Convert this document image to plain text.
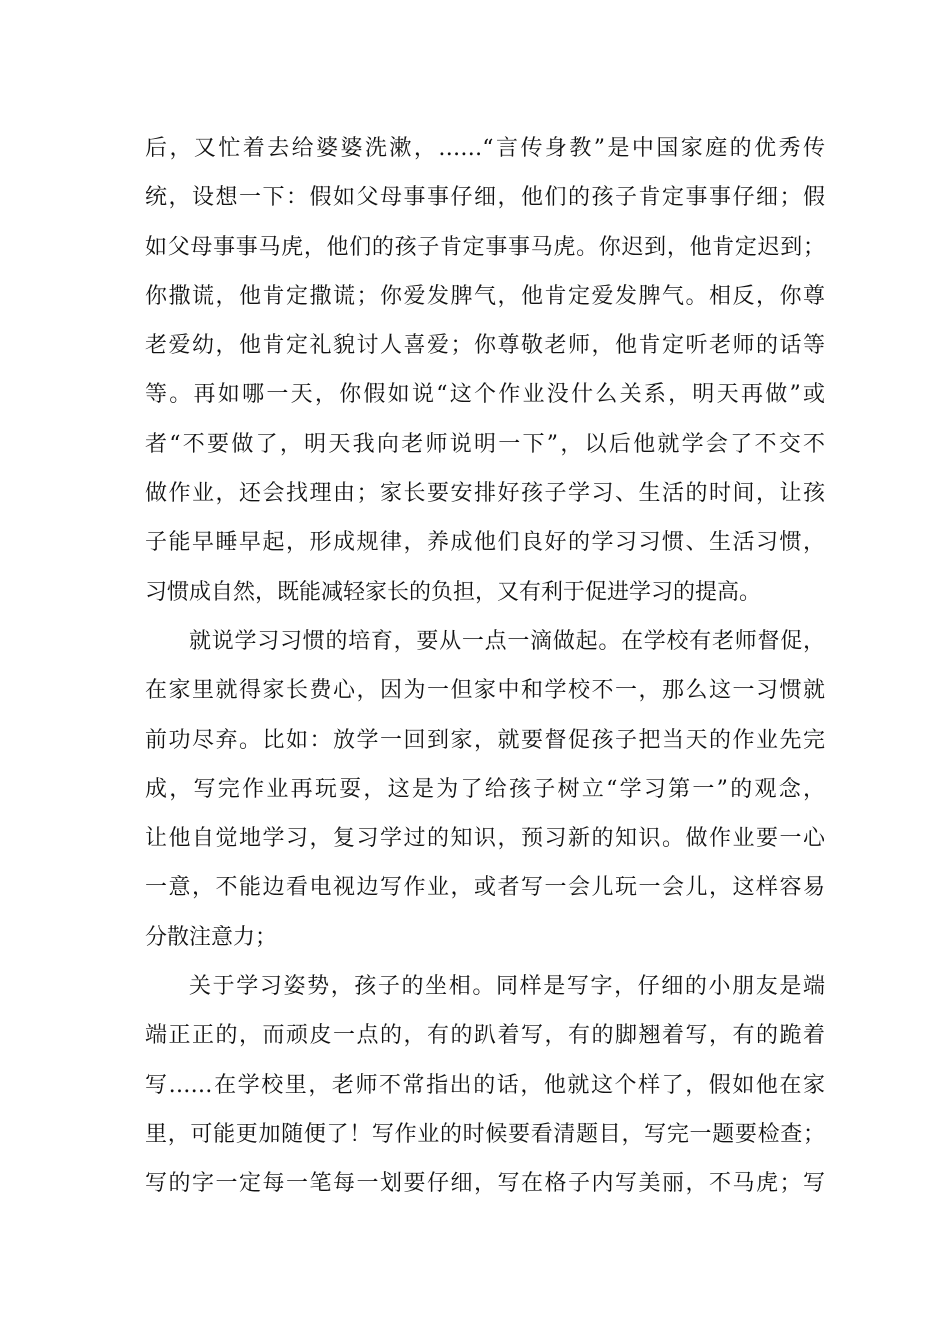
后，又忙着去给婆婆洗漱，……“言传身教”是中国家庭的优秀传
统，设想一下：假如父母事事仔细，他们的孩子肯定事事仔细；假
如父母事事马虎，他们的孩子肯定事事马虎。你迟到，他肯定迟到；
你撒谎，他肯定撒谎；你爱发脾气，他肯定爱发脾气。相反，你尊
老爱幼，他肯定礼貌讨人喜爱；你尊敬老师，他肯定听老师的话等
等。再如哪一天，你假如说“这个作业没什么关系，明天再做”或
者“不要做了，明天我向老师说明一下”，以后他就学会了不交不
做作业，还会找理由；家长要安排好孩子学习、生活的时间，让孩
子能早睡早起，形成规律，养成他们良好的学习习惯、生活习惯，
习惯成自然，既能减轻家长的负担，又有利于促进学习的提高。
就说学习习惯的培育，要从一点一滴做起。在学校有老师督促，
在家里就得家长费心，因为一但家中和学校不一，那么这一习惯就
前功尽弃。比如：放学一回到家，就要督促孩子把当天的作业先完
成，写完作业再玩耍，这是为了给孩子树立“学习第一”的观念，
让他自觉地学习，复习学过的知识，预习新的知识。做作业要一心
一意，不能边看电视边写作业，或者写一会儿玩一会儿，这样容易
分散注意力；
关于学习姿势，孩子的坐相。同样是写字，仔细的小朋友是端
端正正的，而顽皮一点的，有的趴着写，有的脚翘着写，有的跪着
写……在学校里，老师不常指出的话，他就这个样了，假如他在家
里，可能更加随便了！写作业的时候要看清题目，写完一题要检查；
写的字一定每一笔每一划要仔细，写在格子内写美丽，不马虎；写
